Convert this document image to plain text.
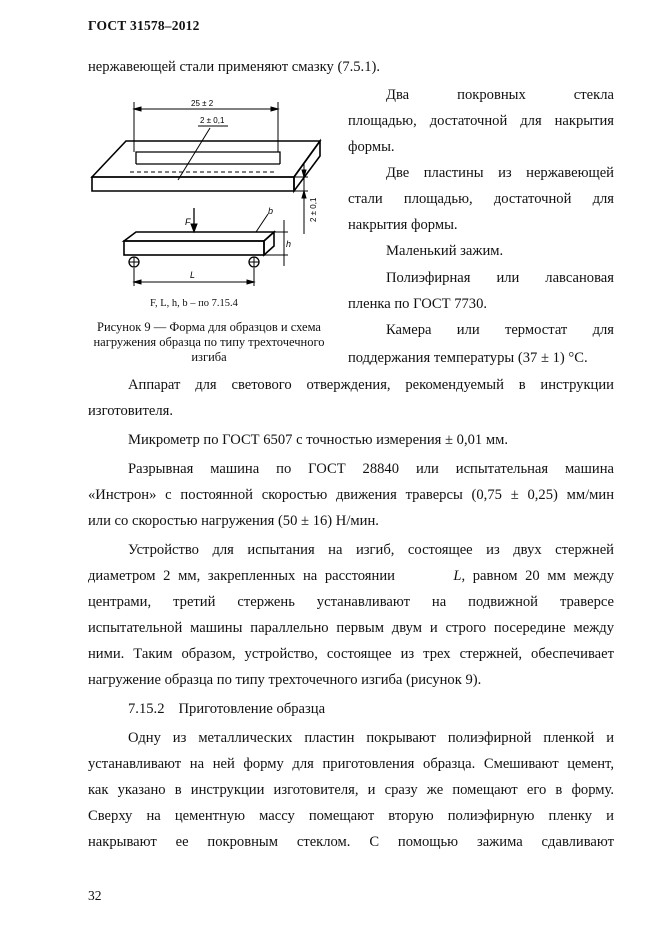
ГОСТ 31578–2012
нержавеющей стали применяют смазку (7.5.1).
25 ± 2
2 ± 0,1
2 ± 0,1
F
b
h
L
F, L, h, b – по 7.15.4
Рисунок 9 — Форма для образцов и схема нагружения образца по типу трехточечного изгиба
Два покровных стекла
площадью, достаточной для накрытия
формы.
Две пластины из нержавеющей
стали площадью, достаточной для
накрытия формы.
Маленький зажим.
Полиэфирная или лавсановая
пленка по ГОСТ 7730.
Камера или термостат для
поддержания температуры (37 ± 1) °С.
Аппарат для светового отверждения, рекомендуемый в инструкции
изготовителя.
Микрометр по ГОСТ 6507 с точностью измерения ± 0,01 мм.
Разрывная машина по ГОСТ 28840 или испытательная машина
«Инстрон» с постоянной скоростью движения траверсы (0,75 ± 0,25) мм/мин
или со скоростью нагружения (50 ± 16) Н/мин.
Устройство для испытания на изгиб, состоящее из двух стержней
диаметром 2 мм, закрепленных на расстоянии	L, равном 20 мм между
центрами, третий стержень устанавливают на подвижной траверсе
испытательной машины параллельно первым двум и строго посередине между
ними. Таким образом, устройство, состоящее из трех стержней, обеспечивает
нагружение образца по типу трехточечного изгиба (рисунок 9).
7.15.2 Приготовление образца
Одну из металлических пластин покрывают полиэфирной пленкой и
устанавливают на ней форму для приготовления образца. Смешивают цемент,
как указано в инструкции изготовителя, и сразу же помещают его в форму.
Сверху на цементную массу помещают вторую полиэфирную пленку и
накрывают ее покровным стеклом. С помощью зажима сдавливают
32
